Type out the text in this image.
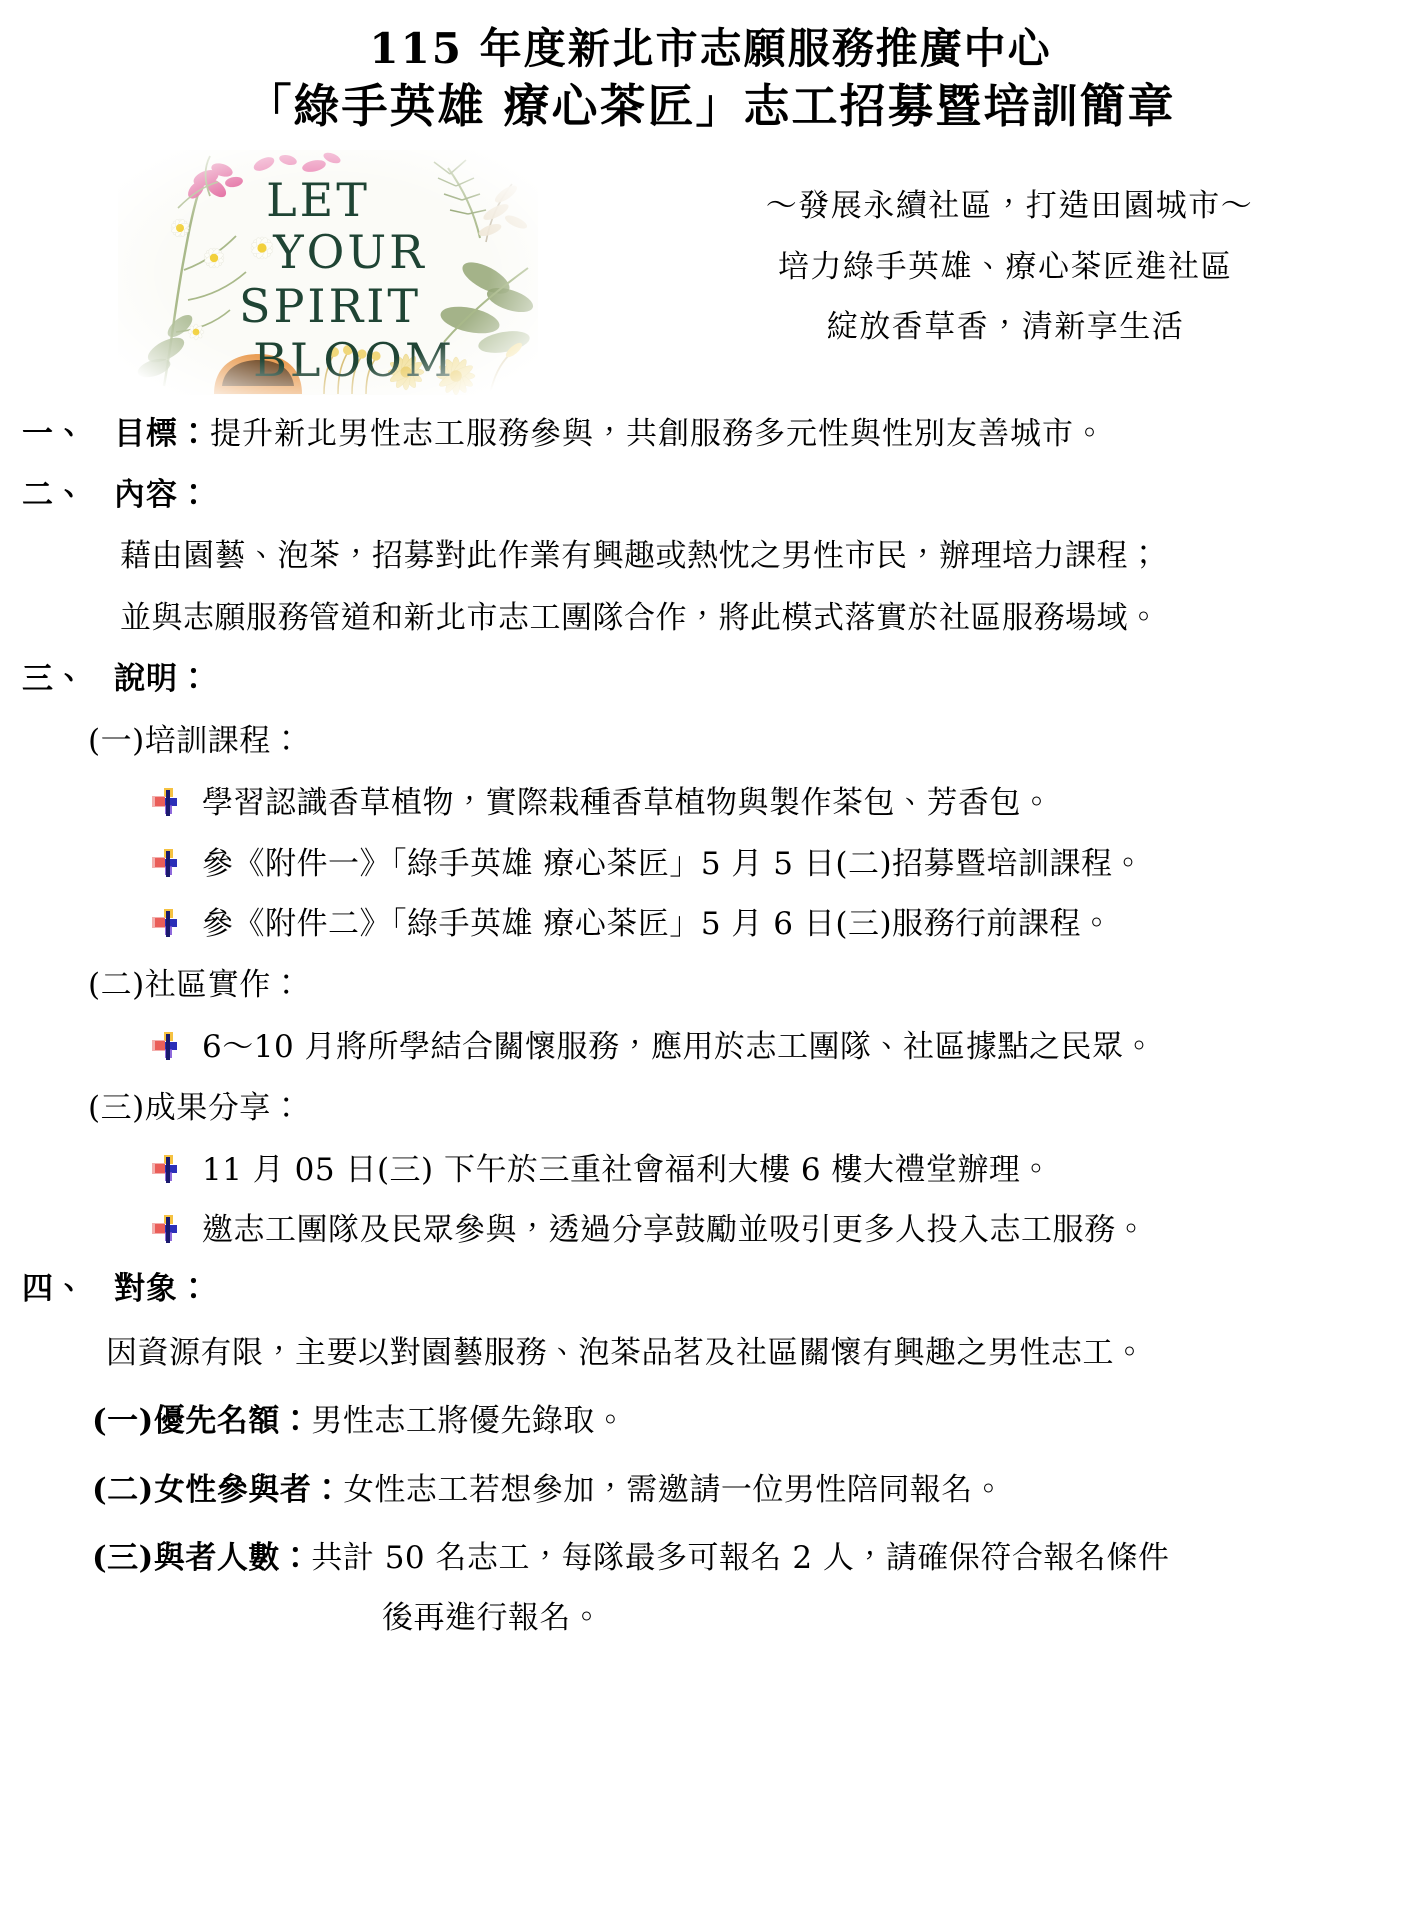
115 年度新北市志願服務推廣中心
「綠手英雄 療心茶匠」志工招募暨培訓簡章
～發展永續社區，打造田園城市～
培力綠手英雄、療心茶匠進社區
綻放香草香，清新享生活
一、 目標： 提升新北男性志工服務參與，共創服務多元性與性別友善城市。
二、 內容：
藉由園藝、泡茶，招募對此作業有興趣或熱忱之男性市民，辦理培力課程；
並與志願服務管道和新北市志工團隊合作，將此模式落實於社區服務場域。
三、 說明：
(一)培訓課程：
學習認識香草植物，實際栽種香草植物與製作茶包、芳香包。
參《附件一》「綠手英雄 療心茶匠」5 月 5 日(二)招募暨培訓課程。
參《附件二》「綠手英雄 療心茶匠」5 月 6 日(三)服務行前課程。
(二)社區實作：
6～10 月將所學結合關懷服務，應用於志工團隊、社區據點之民眾。
(三)成果分享：
11 月 05 日(三) 下午於三重社會福利大樓 6 樓大禮堂辦理。
邀志工團隊及民眾參與，透過分享鼓勵並吸引更多人投入志工服務。
四、 對象：
因資源有限，主要以對園藝服務、泡茶品茗及社區關懷有興趣之男性志工。
(一)優先名額：男性志工將優先錄取。
(二)女性參與者：女性志工若想參加，需邀請一位男性陪同報名。
(三)與者人數：共計 50 名志工，每隊最多可報名 2 人，請確保符合報名條件
後再進行報名。
